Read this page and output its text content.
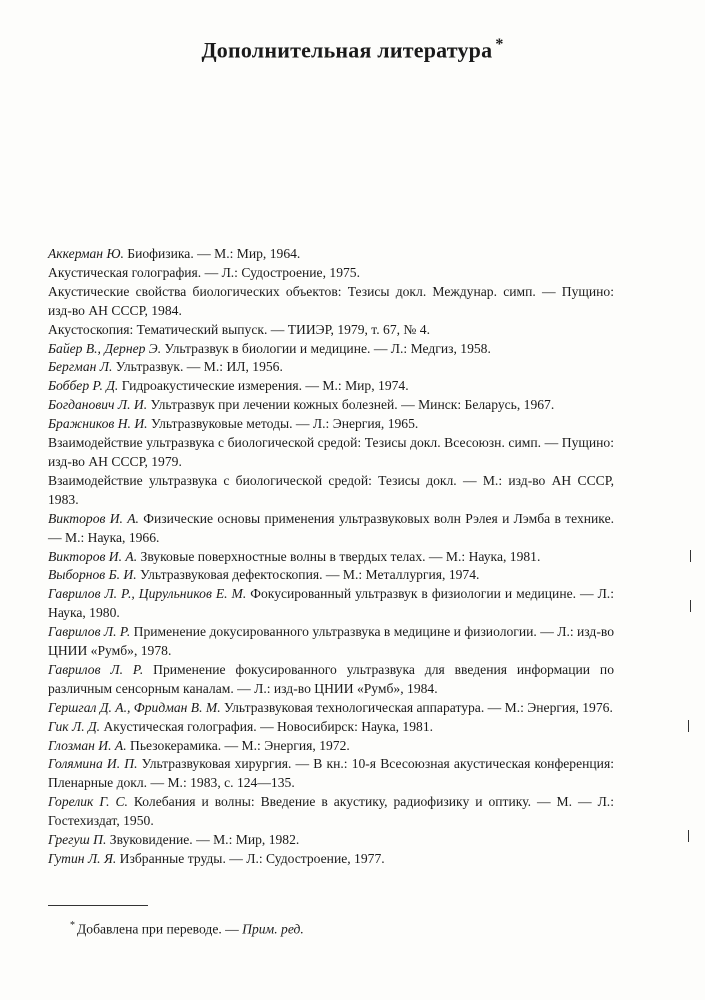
Дополнительная литература *

Аккерман Ю. Биофизика. — М.: Мир, 1964.

Акустическая голография. — Л.: Судостроение, 1975.

Акустические свойства биологических объектов: Тезисы докл. Междунар. симп. — Пущино: изд-во АН СССР, 1984.

Акустоскопия: Тематический выпуск. — ТИИЭР, 1979, т. 67, № 4.

Байер В., Дернер Э. Ультразвук в биологии и медицине. — Л.: Медгиз, 1958.

Бергман Л. Ультразвук. — М.: ИЛ, 1956.

Боббер Р. Д. Гидроакустические измерения. — М.: Мир, 1974.

Богданович Л. И. Ультразвук при лечении кожных болезней. — Минск: Беларусь, 1967.

Бражников Н. И. Ультразвуковые методы. — Л.: Энергия, 1965.

Взаимодействие ультразвука с биологической средой: Тезисы докл. Всесоюзн. симп. — Пущино: изд-во АН СССР, 1979.

Взаимодействие ультразвука с биологической средой: Тезисы докл. — М.: изд-во АН СССР, 1983.

Викторов И. А. Физические основы применения ультразвуковых волн Рэлея и Лэмба в технике. — М.: Наука, 1966.

Викторов И. А. Звуковые поверхностные волны в твердых телах. — М.: Наука, 1981.

Выборнов Б. И. Ультразвуковая дефектоскопия. — М.: Металлургия, 1974.

Гаврилов Л. Р., Цирульников Е. М. Фокусированный ультразвук в физиологии и медицине. — Л.: Наука, 1980.

Гаврилов Л. Р. Применение докусированного ультразвука в медицине и физиологии. — Л.: изд-во ЦНИИ «Румб», 1978.

Гаврилов Л. Р. Применение фокусированного ультразвука для введения информации по различным сенсорным каналам. — Л.: изд-во ЦНИИ «Румб», 1984.

Гершгал Д. А., Фридман В. М. Ультразвуковая технологическая аппаратура. — М.: Энергия, 1976.

Гик Л. Д. Акустическая голография. — Новосибирск: Наука, 1981.

Глозман И. А. Пьезокерамика. — М.: Энергия, 1972.

Голямина И. П. Ультразвуковая хирургия. — В кн.: 10-я Всесоюзная акустическая конференция: Пленарные докл. — М.: 1983, с. 124—135.

Горелик Г. С. Колебания и волны: Введение в акустику, радиофизику и оптику. — М. — Л.: Гостехиздат, 1950.

Грегуш П. Звуковидение. — М.: Мир, 1982.

Гутин Л. Я. Избранные труды. — Л.: Судостроение, 1977.

* Добавлена при переводе. — Прим. ред.
